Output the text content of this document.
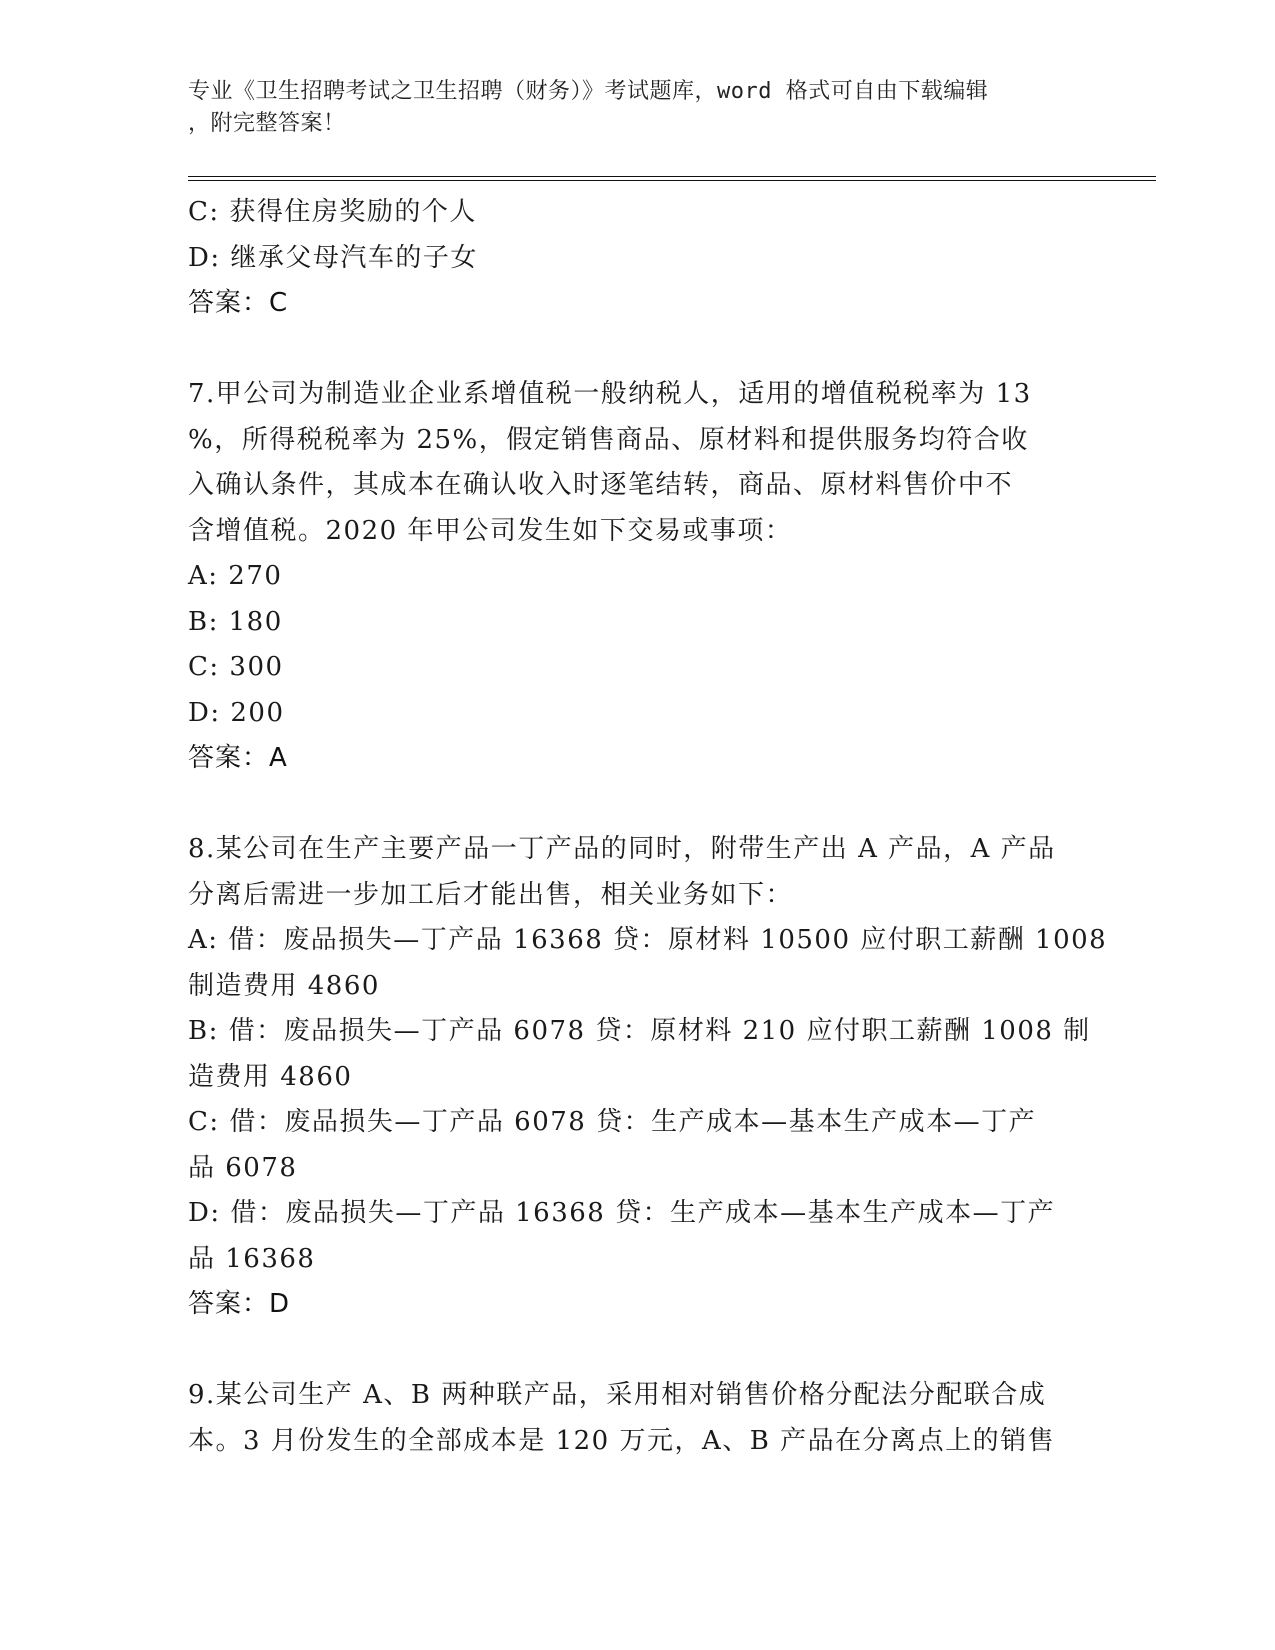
专业《卫生招聘考试之卫生招聘（财务）》考试题库，word 格式可自由下载编辑
，附完整答案！
C: 获得住房奖励的个人
D: 继承父母汽车的子女
答案：C
7.甲公司为制造业企业系增值税一般纳税人，适用的增值税税率为 13
%，所得税税率为 25%，假定销售商品、原材料和提供服务均符合收
入确认条件，其成本在确认收入时逐笔结转，商品、原材料售价中不
含增值税。2020 年甲公司发生如下交易或事项：
A: 270
B: 180
C: 300
D: 200
答案：A
8.某公司在生产主要产品一丁产品的同时，附带生产出 A 产品，A 产品
分离后需进一步加工后才能出售，相关业务如下：
A: 借：废品损失—丁产品 16368 贷：原材料 10500 应付职工薪酬 1008
制造费用 4860
B: 借：废品损失—丁产品 6078 贷：原材料 210 应付职工薪酬 1008 制
造费用 4860
C: 借：废品损失—丁产品 6078 贷：生产成本—基本生产成本—丁产
品 6078
D: 借：废品损失—丁产品 16368 贷：生产成本—基本生产成本—丁产
品 16368
答案：D
9.某公司生产 A、B 两种联产品，采用相对销售价格分配法分配联合成
本。3 月份发生的全部成本是 120 万元，A、B 产品在分离点上的销售
